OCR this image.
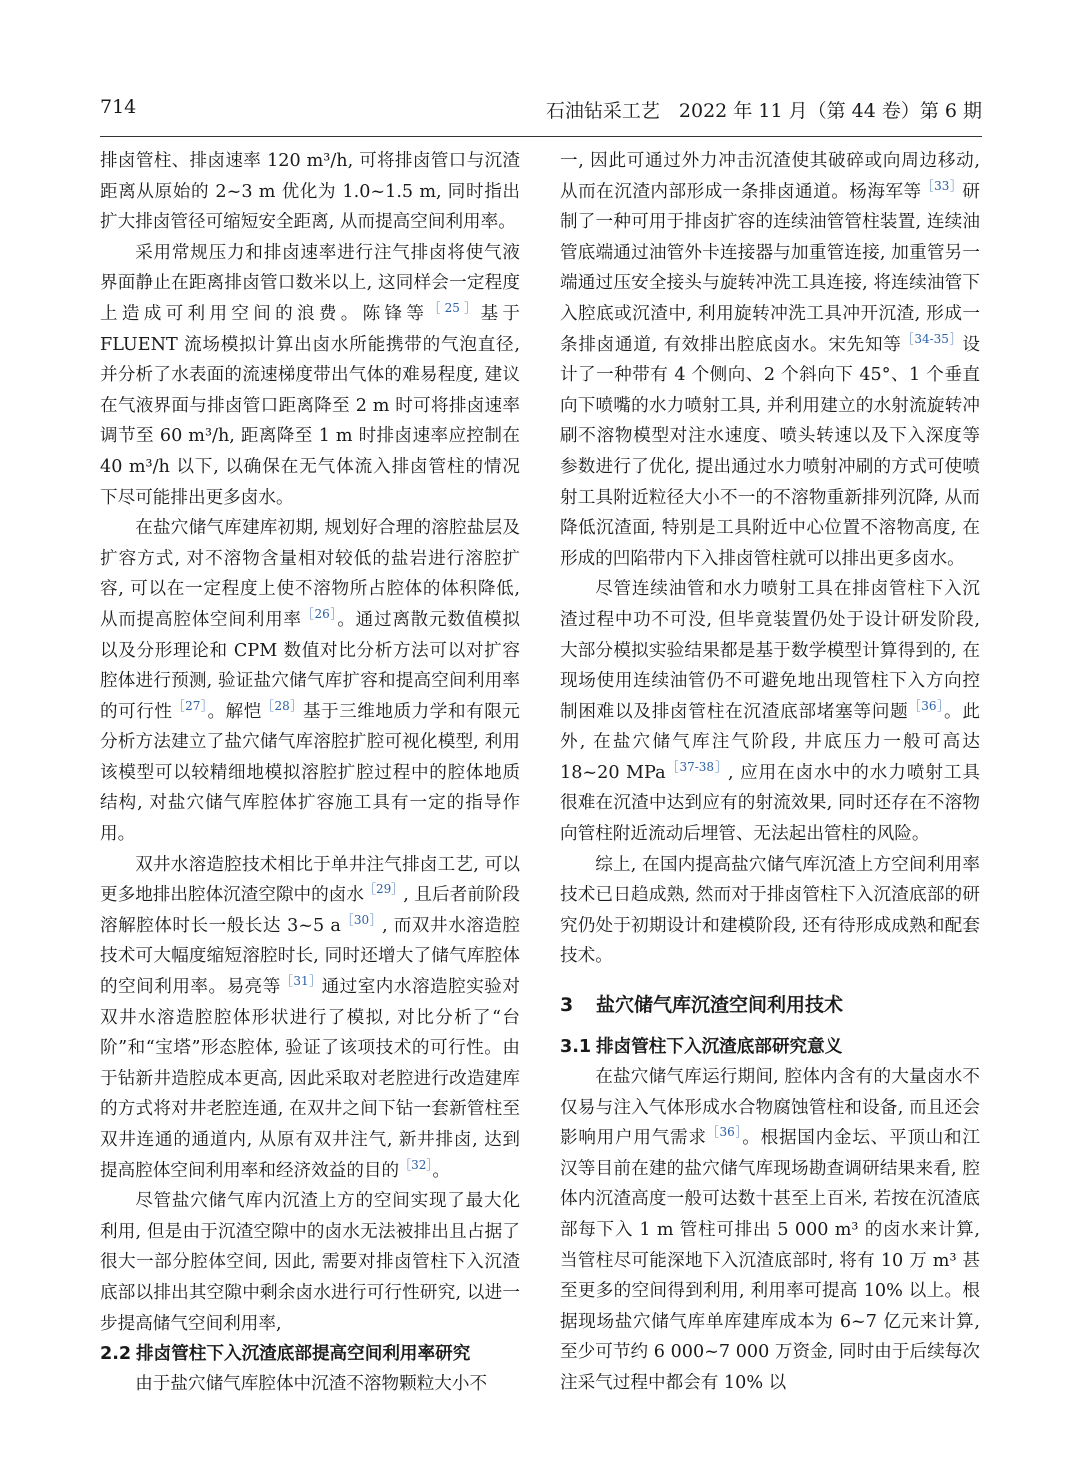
714	石油钻采工艺　2022 年 11 月（第 44 卷）第 6 期

排卤管柱、排卤速率 120 m³/h, 可将排卤管口与沉渣距离从原始的 2~3 m 优化为 1.0~1.5 m, 同时指出扩大排卤管径可缩短安全距离, 从而提高空间利用率。

采用常规压力和排卤速率进行注气排卤将使气液界面静止在距离排卤管口数米以上, 这同样会一定程度上造成可利用空间的浪费。陈锋等$^{[25]}$基于 FLUENT 流场模拟计算出卤水所能携带的气泡直径, 并分析了水表面的流速梯度带出气体的难易程度, 建议在气液界面与排卤管口距离降至 2 m 时可将排卤速率调节至 60 m³/h, 距离降至 1 m 时排卤速率应控制在 40 m³/h 以下, 以确保在无气体流入排卤管柱的情况下尽可能排出更多卤水。

在盐穴储气库建库初期, 规划好合理的溶腔盐层及扩容方式, 对不溶物含量相对较低的盐岩进行溶腔扩容, 可以在一定程度上使不溶物所占腔体的体积降低, 从而提高腔体空间利用率$^{[26]}$。通过离散元数值模拟以及分形理论和 CPM 数值对比分析方法可以对扩容腔体进行预测, 验证盐穴储气库扩容和提高空间利用率的可行性$^{[27]}$。解恺$^{[28]}$基于三维地质力学和有限元分析方法建立了盐穴储气库溶腔扩腔可视化模型, 利用该模型可以较精细地模拟溶腔扩腔过程中的腔体地质结构, 对盐穴储气库腔体扩容施工具有一定的指导作用。

双井水溶造腔技术相比于单井注气排卤工艺, 可以更多地排出腔体沉渣空隙中的卤水$^{[29]}$, 且后者前阶段溶解腔体时长一般长达 3~5 a$^{[30]}$, 而双井水溶造腔技术可大幅度缩短溶腔时长, 同时还增大了储气库腔体的空间利用率。易亮等$^{[31]}$通过室内水溶造腔实验对双井水溶造腔腔体形状进行了模拟, 对比分析了“台阶”和“宝塔”形态腔体, 验证了该项技术的可行性。由于钻新井造腔成本更高, 因此采取对老腔进行改造建库的方式将对井老腔连通, 在双井之间下钻一套新管柱至双井连通的通道内, 从原有双井注气, 新井排卤, 达到提高腔体空间利用率和经济效益的目的$^{[32]}$。

尽管盐穴储气库内沉渣上方的空间实现了最大化利用, 但是由于沉渣空隙中的卤水无法被排出且占据了很大一部分腔体空间, 因此, 需要对排卤管柱下入沉渣底部以排出其空隙中剩余卤水进行可行性研究, 以进一步提高储气空间利用率,

2.2 排卤管柱下入沉渣底部提高空间利用率研究

由于盐穴储气库腔体中沉渣不溶物颗粒大小不

一, 因此可通过外力冲击沉渣使其破碎或向周边移动, 从而在沉渣内部形成一条排卤通道。杨海军等$^{[33]}$研制了一种可用于排卤扩容的连续油管管柱装置, 连续油管底端通过油管外卡连接器与加重管连接, 加重管另一端通过压安全接头与旋转冲洗工具连接, 将连续油管下入腔底或沉渣中, 利用旋转冲洗工具冲开沉渣, 形成一条排卤通道, 有效排出腔底卤水。宋先知等$^{[34-35]}$设计了一种带有 4 个侧向、2 个斜向下 45°、1 个垂直向下喷嘴的水力喷射工具, 并利用建立的水射流旋转冲刷不溶物模型对注水速度、喷头转速以及下入深度等参数进行了优化, 提出通过水力喷射冲刷的方式可使喷射工具附近粒径大小不一的不溶物重新排列沉降, 从而降低沉渣面, 特别是工具附近中心位置不溶物高度, 在形成的凹陷带内下入排卤管柱就可以排出更多卤水。

尽管连续油管和水力喷射工具在排卤管柱下入沉渣过程中功不可没, 但毕竟装置仍处于设计研发阶段, 大部分模拟实验结果都是基于数学模型计算得到的, 在现场使用连续油管仍不可避免地出现管柱下入方向控制困难以及排卤管柱在沉渣底部堵塞等问题$^{[36]}$。此外, 在盐穴储气库注气阶段, 井底压力一般可高达 18~20 MPa$^{[37-38]}$, 应用在卤水中的水力喷射工具很难在沉渣中达到应有的射流效果, 同时还存在不溶物向管柱附近流动后埋管、无法起出管柱的风险。

综上, 在国内提高盐穴储气库沉渣上方空间利用率技术已日趋成熟, 然而对于排卤管柱下入沉渣底部的研究仍处于初期设计和建模阶段, 还有待形成成熟和配套技术。

3 盐穴储气库沉渣空间利用技术
3.1 排卤管柱下入沉渣底部研究意义

在盐穴储气库运行期间, 腔体内含有的大量卤水不仅易与注入气体形成水合物腐蚀管柱和设备, 而且还会影响用户用气需求$^{[36]}$。根据国内金坛、平顶山和江汉等目前在建的盐穴储气库现场勘查调研结果来看, 腔体内沉渣高度一般可达数十甚至上百米, 若按在沉渣底部每下入 1 m 管柱可排出 5 000 m³ 的卤水来计算, 当管柱尽可能深地下入沉渣底部时, 将有 10 万 m³ 甚至更多的空间得到利用, 利用率可提高 10% 以上。根据现场盐穴储气库单库建库成本为 6~7 亿元来计算, 至少可节约 6 000~7 000 万资金, 同时由于后续每次注采气过程中都会有 10% 以
